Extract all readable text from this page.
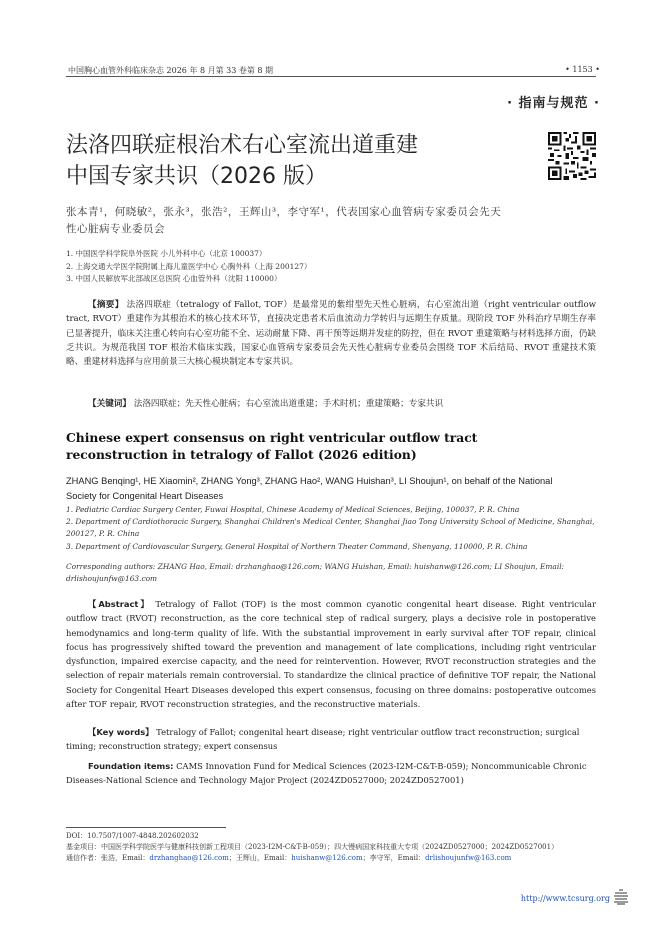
中国胸心血管外科临床杂志 2026 年 8 月第 33 卷第 8 期	• 1153 •
· 指南与规范 ·
法洛四联症根治术右心室流出道重建
中国专家共识（2026 版）
张本青¹，何晓敏²，张永³，张浩²，王辉山³，李守军¹，代表国家心血管病专家委员会先天
性心脏病专业委员会
1. 中国医学科学院阜外医院 小儿外科中心（北京 100037）
2. 上海交通大学医学院附属上海儿童医学中心 心胸外科（上海 200127）
3. 中国人民解放军北部战区总医院 心血管外科（沈阳 110000）
【摘要】 法洛四联症（tetralogy of Fallot, TOF）是最常见的紫绀型先天性心脏病，右心室流出道（right ventricular outflow tract, RVOT）重建作为其根治术的核心技术环节，直接决定患者术后血流动力学转归与远期生存质量。现阶段 TOF 外科治疗早期生存率已显著提升，临床关注重心转向右心室功能不全、运动耐量下降、再干预等远期并发症的防控，但在 RVOT 重建策略与材料选择方面，仍缺乏共识。为规范我国 TOF 根治术临床实践，国家心血管病专家委员会先天性心脏病专业委员会围绕 TOF 术后结局、RVOT 重建技术策略、重建材料选择与应用前景三大核心模块制定本专家共识。
【关键词】 法洛四联症；先天性心脏病；右心室流出道重建；手术时机；重建策略；专家共识
Chinese expert consensus on right ventricular outflow tract reconstruction in tetralogy of Fallot (2026 edition)
ZHANG Benqing¹, HE Xiaomin², ZHANG Yong³, ZHANG Hao², WANG Huishan³, LI Shoujun¹, on behalf of the National Society for Congenital Heart Diseases
1. Pediatric Cardiac Surgery Center, Fuwai Hospital, Chinese Academy of Medical Sciences, Beijing, 100037, P. R. China
2. Department of Cardiothoracic Surgery, Shanghai Children's Medical Center, Shanghai Jiao Tong University School of Medicine, Shanghai, 200127, P. R. China
3. Department of Cardiovascular Surgery, General Hospital of Northern Theater Command, Shenyang, 110000, P. R. China
Corresponding authors: ZHANG Hao, Email: drzhanghao@126.com; WANG Huishan, Email: huishanw@126.com; LI Shoujun, Email: drlishoujunfw@163.com
【Abstract】 Tetralogy of Fallot (TOF) is the most common cyanotic congenital heart disease. Right ventricular outflow tract (RVOT) reconstruction, as the core technical step of radical surgery, plays a decisive role in postoperative hemodynamics and long-term quality of life. With the substantial improvement in early survival after TOF repair, clinical focus has progressively shifted toward the prevention and management of late complications, including right ventricular dysfunction, impaired exercise capacity, and the need for reintervention. However, RVOT reconstruction strategies and the selection of repair materials remain controversial. To standardize the clinical practice of definitive TOF repair, the National Society for Congenital Heart Diseases developed this expert consensus, focusing on three domains: postoperative outcomes after TOF repair, RVOT reconstruction strategies, and the reconstructive materials.
【Key words】 Tetralogy of Fallot; congenital heart disease; right ventricular outflow tract reconstruction; surgical timing; reconstruction strategy; expert consensus
Foundation items: CAMS Innovation Fund for Medical Sciences (2023-I2M-C&T-B-059); Noncommunicable Chronic Diseases-National Science and Technology Major Project (2024ZD0527000; 2024ZD0527001)
DOI：10.7507/1007-4848.202602032
基金项目：中国医学科学院医学与健康科技创新工程项目（2023-I2M-C&T-B-059）；四大慢病国家科技重大专项（2024ZD0527000；2024ZD0527001）
通信作者：张浩，Email：drzhanghao@126.com；王辉山，Email：huishanw@126.com；李守军，Email：drlishoujunfw@163.com
http://www.tcsurg.org
